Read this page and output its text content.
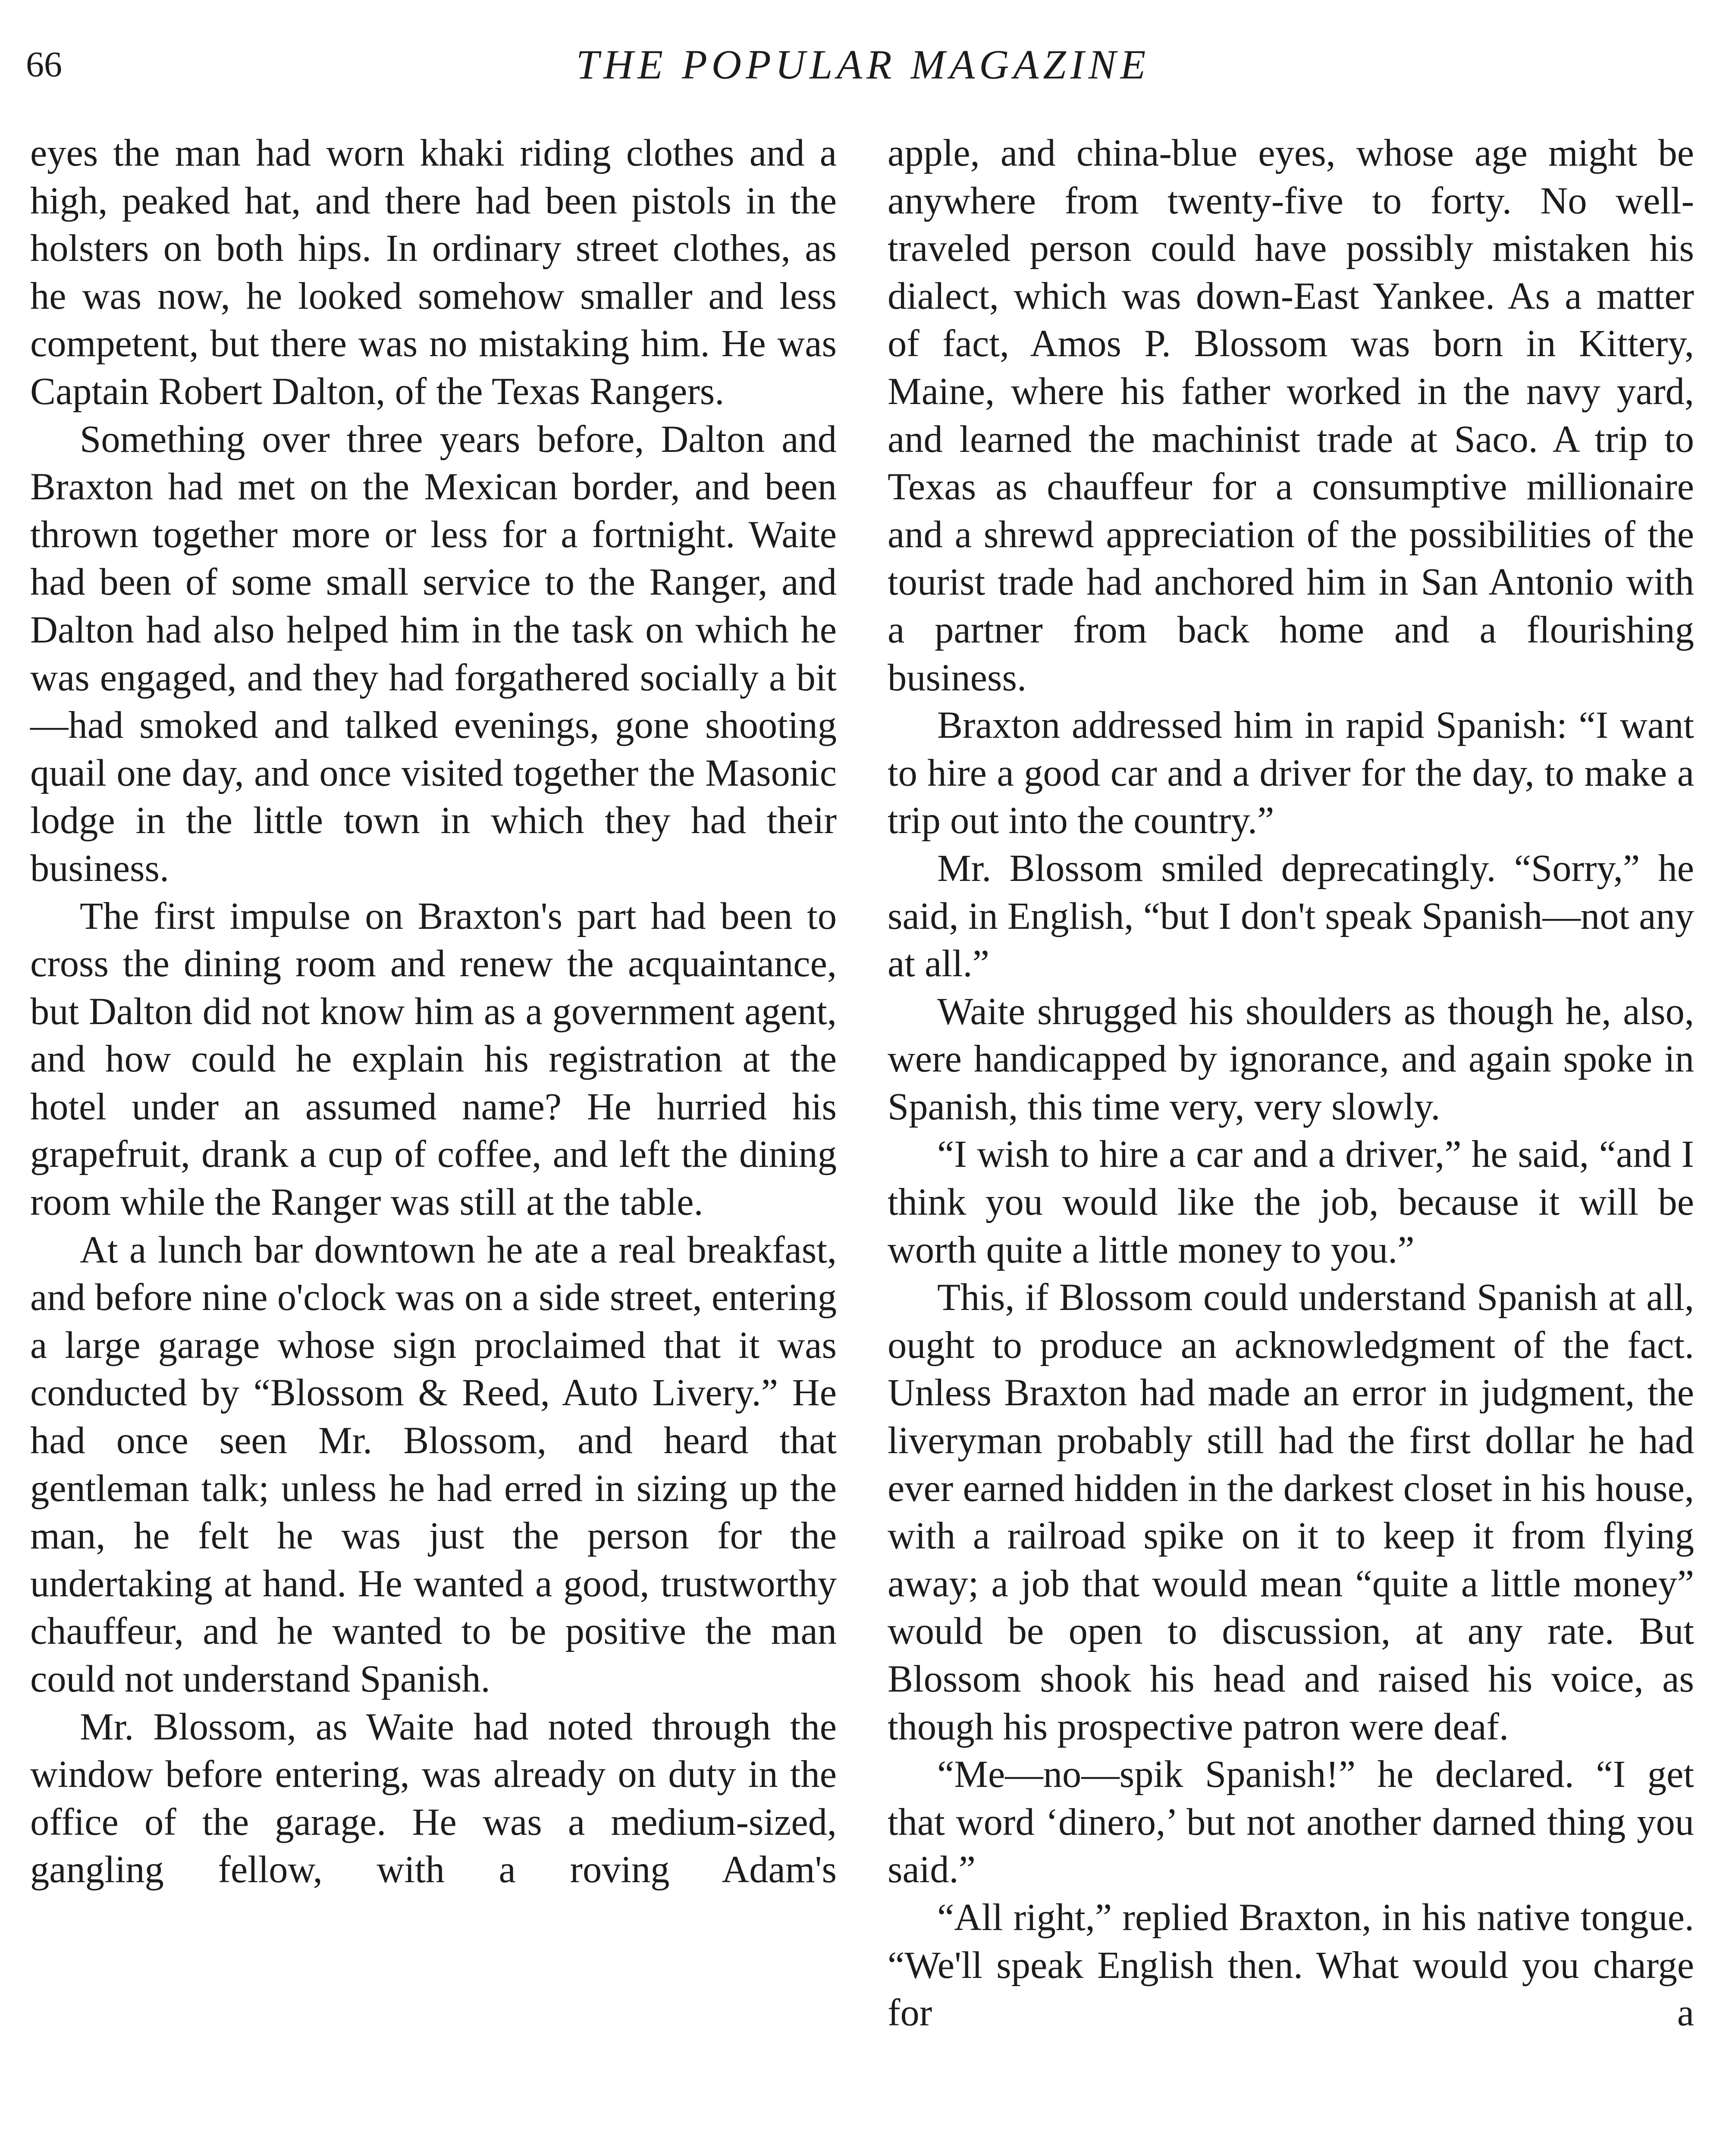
66	THE POPULAR MAGAZINE

eyes the man had worn khaki riding clothes and a high, peaked hat, and there had been pistols in the holsters on both hips. In ordinary street clothes, as he was now, he looked somehow smaller and less competent, but there was no mistaking him. He was Captain Robert Dalton, of the Texas Rangers.

Something over three years before, Dalton and Braxton had met on the Mexican border, and been thrown together more or less for a fortnight. Waite had been of some small service to the Ranger, and Dalton had also helped him in the task on which he was engaged, and they had forgathered socially a bit—had smoked and talked evenings, gone shooting quail one day, and once visited together the Masonic lodge in the little town in which they had their business.

The first impulse on Braxton's part had been to cross the dining room and renew the acquaintance, but Dalton did not know him as a government agent, and how could he explain his registration at the hotel under an assumed name? He hurried his grapefruit, drank a cup of coffee, and left the dining room while the Ranger was still at the table.

At a lunch bar downtown he ate a real breakfast, and before nine o'clock was on a side street, entering a large garage whose sign proclaimed that it was conducted by “Blossom & Reed, Auto Livery.” He had once seen Mr. Blossom, and heard that gentleman talk; unless he had erred in sizing up the man, he felt he was just the person for the undertaking at hand. He wanted a good, trustworthy chauffeur, and he wanted to be positive the man could not understand Spanish.

Mr. Blossom, as Waite had noted through the window before entering, was already on duty in the office of the garage. He was a medium-sized, gangling fellow, with a roving Adam's

apple, and china-blue eyes, whose age might be anywhere from twenty-five to forty. No well-traveled person could have possibly mistaken his dialect, which was down-East Yankee. As a matter of fact, Amos P. Blossom was born in Kittery, Maine, where his father worked in the navy yard, and learned the machinist trade at Saco. A trip to Texas as chauffeur for a consumptive millionaire and a shrewd appreciation of the possibilities of the tourist trade had anchored him in San Antonio with a partner from back home and a flourishing business.

Braxton addressed him in rapid Spanish: “I want to hire a good car and a driver for the day, to make a trip out into the country.”

Mr. Blossom smiled deprecatingly. “Sorry,” he said, in English, “but I don't speak Spanish—not any at all.”

Waite shrugged his shoulders as though he, also, were handicapped by ignorance, and again spoke in Spanish, this time very, very slowly.

“I wish to hire a car and a driver,” he said, “and I think you would like the job, because it will be worth quite a little money to you.”

This, if Blossom could understand Spanish at all, ought to produce an acknowledgment of the fact. Unless Braxton had made an error in judgment, the liveryman probably still had the first dollar he had ever earned hidden in the darkest closet in his house, with a railroad spike on it to keep it from flying away; a job that would mean “quite a little money” would be open to discussion, at any rate. But Blossom shook his head and raised his voice, as though his prospective patron were deaf.

“Me—no—spik Spanish!” he declared. “I get that word ‘dinero,’ but not another darned thing you said.”

“All right,” replied Braxton, in his native tongue. “We'll speak English then. What would you charge for a
